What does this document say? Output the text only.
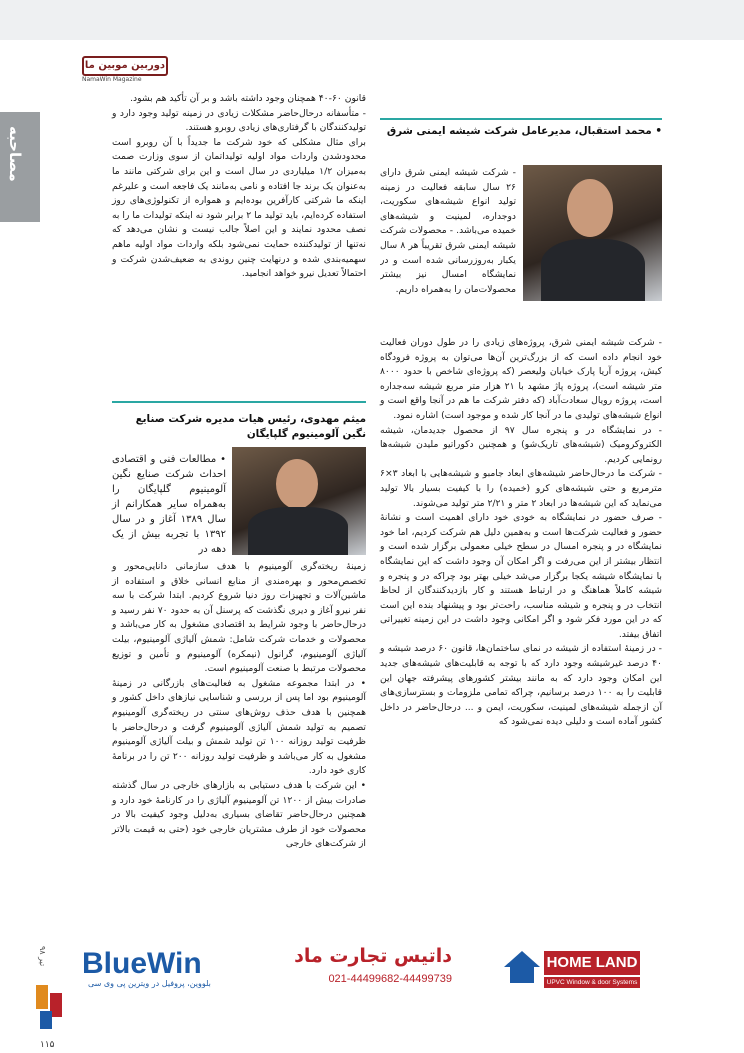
دوربین موبین ما
NamaWin Magazine
مصاحبه	• محمد استقبال، مدیرعامل شرکت شیشه ایمنی شرق

- شرکت شیشه ایمنی شرق دارای ۲۶ سال سابقه فعالیت در زمینه تولید انواع شیشه‌های سکوریت، دوجداره، لمینیت و شیشه‌های خمیده می‌باشد. - محصولات شرکت شیشه ایمنی شرق تقریباً هر ۸ سال یکبار به‌روزرسانی شده است و در نمایشگاه امسال نیز بیشتر محصولات‌مان را به‌همراه داریم.

- شرکت شیشه ایمنی شرق، پروژه‌های زیادی را در طول دوران فعالیت خود انجام داده است که از بزرگ‌ترین آن‌ها می‌توان به پروژه فرودگاه کیش، پروژه آریا پارک خیابان ولیعصر (که پروژه‌ای شاخص با حدود ۸۰۰۰ متر شیشه است)، پروژه پاژ مشهد با ۲۱ هزار متر مربع شیشه سه‌جداره است، پروژه رویال سعادت‌آباد (که دفتر شرکت ما هم در آنجا واقع است و انواع شیشه‌های تولیدی ما در آنجا کار شده و موجود است) اشاره نمود.

- در نمایشگاه در و پنجره سال ۹۷ از محصول جدیدمان، شیشه الکتروکرومیک (شیشه‌های تاریک‌شو) و همچنین دکوراتیو ملیدن شیشه‌ها رونمایی کردیم.

- شرکت ما درحال‌حاضر شیشه‌های ابعاد جامبو و شیشه‌هایی با ابعاد ۳×۶ مترمربع و حتی شیشه‌های کرو (خمیده) را با کیفیت بسیار بالا تولید می‌نماید که این شیشه‌ها در ابعاد ۲ متر و ۲/۲۱ متر تولید می‌شوند.

- صرف حضور در نمایشگاه به خودی خود دارای اهمیت است و نشانهٔ حضور و فعالیت شرکت‌ها است و به‌همین دلیل هم شرکت کردیم، اما خود نمایشگاه در و پنجره امسال در سطح خیلی معمولی برگزار شده است و انتظار بیشتر از این می‌رفت و اگر امکان آن وجود داشت که این نمایشگاه با نمایشگاه شیشه یکجا برگزار می‌شد خیلی بهتر بود چراکه در و پنجره و شیشه کاملاً هماهنگ و در ارتباط هستند و کار بازدیدکنندگان از لحاظ انتخاب در و پنجره و شیشه مناسب، راحت‌تر بود و پیشنهاد بنده این است که در این مورد فکر شود و اگر امکانی وجود داشت در این زمینه تغییراتی اتفاق بیفتد.

- در زمینهٔ استفاده از شیشه در نمای ساختمان‌ها، قانون ۶۰ درصد شیشه و ۴۰ درصد غیرشیشه وجود دارد که با توجه به قابلیت‌های شیشه‌های جدید این امکان وجود دارد که به مانند بیشتر کشورهای پیشرفته جهان این قابلیت را به ۱۰۰ درصد برسانیم، چراکه تمامی ملزومات و بسترسازی‌های آن ازجمله شیشه‌های لمینیت، سکوریت، ایمن و ... درحال‌حاضر در داخل کشور آماده است و دلیلی دیده نمی‌شود که

قانون ۶۰-۴۰ همچنان وجود داشته باشد و بر آن تأکید هم بشود.

- متأسفانه درحال‌حاضر مشکلات زیادی در زمینه تولید وجود دارد و تولیدکنندگان با گرفتاری‌های زیادی روبرو هستند.

برای مثال مشکلی که خود شرکت ما جدیداً با آن روبرو است محدودشدن واردات مواد اولیه تولیداتمان از سوی وزارت صمت به‌میزان ۱/۲ میلیاردی در سال است و این برای شرکتی مانند ما به‌عنوان یک برند جا افتاده و نامی به‌مانند یک فاجعه است و علیرغم اینکه ما شرکتی کارآفرین بوده‌ایم و همواره از تکنولوژی‌های روز استفاده کرده‌ایم، باید تولید ما ۲ برابر شود نه اینکه تولیدات ما را به نصف محدود نمایند و این اصلاً جالب نیست و نشان می‌دهد که نه‌تنها از تولیدکننده حمایت نمی‌شود بلکه واردات مواد اولیه ماهم سهمیه‌بندی شده و درنهایت چنین روندی به ضعیف‌شدن شرکت و احتمالاً تعدیل نیرو خواهد انجامید.

میثم مهدوی، رئیس هیات مدیره شرکت صنایع نگین آلومینیوم گلپایگان

• مطالعات فنی و اقتصادی احداث شرکت صنایع نگین آلومینیوم گلپایگان را به‌همراه سایر همکارانم از سال ۱۳۸۹ آغاز و در سال ۱۳۹۲ با تجربه بیش از یک دهه در

زمینهٔ ریخته‌گری آلومینیوم با هدف ساز‌مانی دانایی‌محور و تخصص‌محور و بهره‌مندی از منابع انسانی خلاق و استفاده از ماشین‌آلات و تجهیزات روز دنیا شروع کردیم. ابتدا شرکت با سه نفر نیرو آغاز و دیری نگذشت که پرسنل آن به حدود ۷۰ نفر رسید و درحال‌حاضر با وجود شرایط بد اقتصادی مشغول به کار می‌باشد و محصولات و خدمات شرکت شامل: شمش آلیاژی آلومینیوم، بیلت آلیاژی آلومینیوم، گرانول (نیمکره) آلومینیوم و تأمین و توزیع محصولات مرتبط با صنعت آلومینیوم است.

• در ابتدا مجموعه مشغول به فعالیت‌های بازرگانی در زمینهٔ آلومینیوم بود اما پس از بررسی و شناسایی نیازهای داخل کشور و همچنین با هدف حذف روش‌های سنتی در ریخته‌گری آلومینیوم تصمیم به تولید شمش آلیاژی آلومینیوم گرفت و درحال‌حاضر با ظرفیت تولید روزانه ۱۰۰ تن تولید شمش و بیلت آلیاژی آلومینیوم مشغول به کار می‌باشد و ظرفیت تولید روزانه ۲۰۰ تن را در برنامهٔ کاری خود دارد.

• این شرکت با هدف دستیابی به بازارهای خارجی در سال گذشته صادرات بیش از ۱۲۰۰ تن آلومینیوم آلیاژی را در کارنامهٔ خود دارد و همچنین درحال‌حاضر تقاضای بسیاری به‌دلیل وجود کیفیت بالا در محصولات خود از طرف مشتریان خارجی خود (حتی به قیمت بالاتر از شرکت‌های خارجی

تیر ۹۸
۱۱۵
BlueWin
بلووین، پروفیل در ویترین پی وی سی
داتیس تجارت ماد
021-44499682-44499739
HOME LAND
UPVC Window & door Systems
